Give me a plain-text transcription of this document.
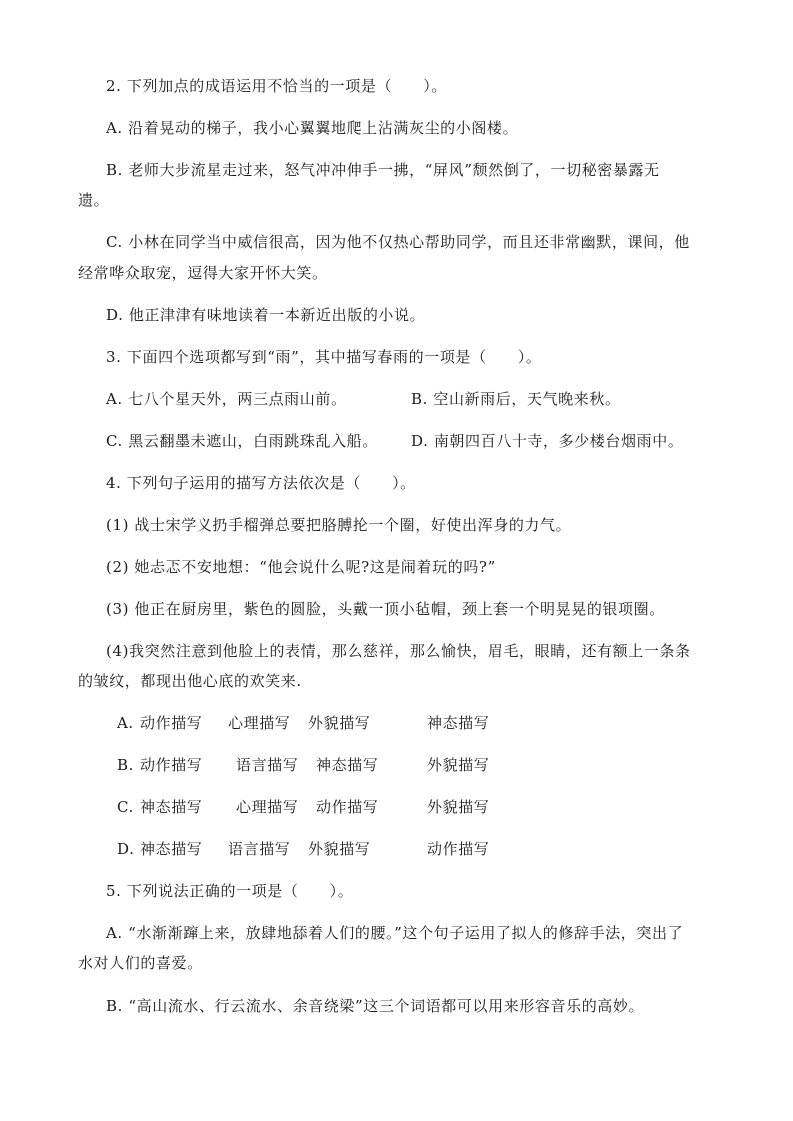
2. 下列加点的成语运用不恰当的一项是（　　）。
A. 沿着晃动的梯子，我小心翼翼地爬上沾满灰尘的小阁楼。
B. 老师大步流星走过来，怒气冲冲伸手一拂，“屏风”颓然倒了，一切秘密暴露无
遗。
C. 小林在同学当中威信很高，因为他不仅热心帮助同学，而且还非常幽默，课间，他
经常哗众取宠，逗得大家开怀大笑。
D. 他正津津有味地读着一本新近出版的小说。
3. 下面四个选项都写到“雨”，其中描写春雨的一项是（　　）。
A. 七八个星天外，两三点雨山前。	B. 空山新雨后，天气晚来秋。
C. 黑云翻墨未遮山，白雨跳珠乱入船。 D. 南朝四百八十寺，多少楼台烟雨中。
4. 下列句子运用的描写方法依次是（　　）。
(1) 战士宋学义扔手榴弹总要把胳膊抡一个圈，好使出浑身的力气。
(2) 她忐忑不安地想：“他会说什么呢?这是闹着玩的吗?”
(3) 他正在厨房里，紫色的圆脸，头戴一顶小毡帽，颈上套一个明晃晃的银项圈。
(4)我突然注意到他脸上的表情，那么慈祥，那么愉快，眉毛，眼睛，还有额上一条条
的皱纹，都现出他心底的欢笑来.
A. 动作描写 心理描写 外貌描写	神态描写
B. 动作描写 语言描写 神态描写	外貌描写
C. 神态描写 心理描写 动作描写	外貌描写
D. 神态描写 语言描写 外貌描写	动作描写
5. 下列说法正确的一项是（　　）。
A. “水渐渐蹿上来，放肆地舔着人们的腰。”这个句子运用了拟人的修辞手法，突出了
水对人们的喜爱。
B. “高山流水、行云流水、余音绕梁”这三个词语都可以用来形容音乐的高妙。
